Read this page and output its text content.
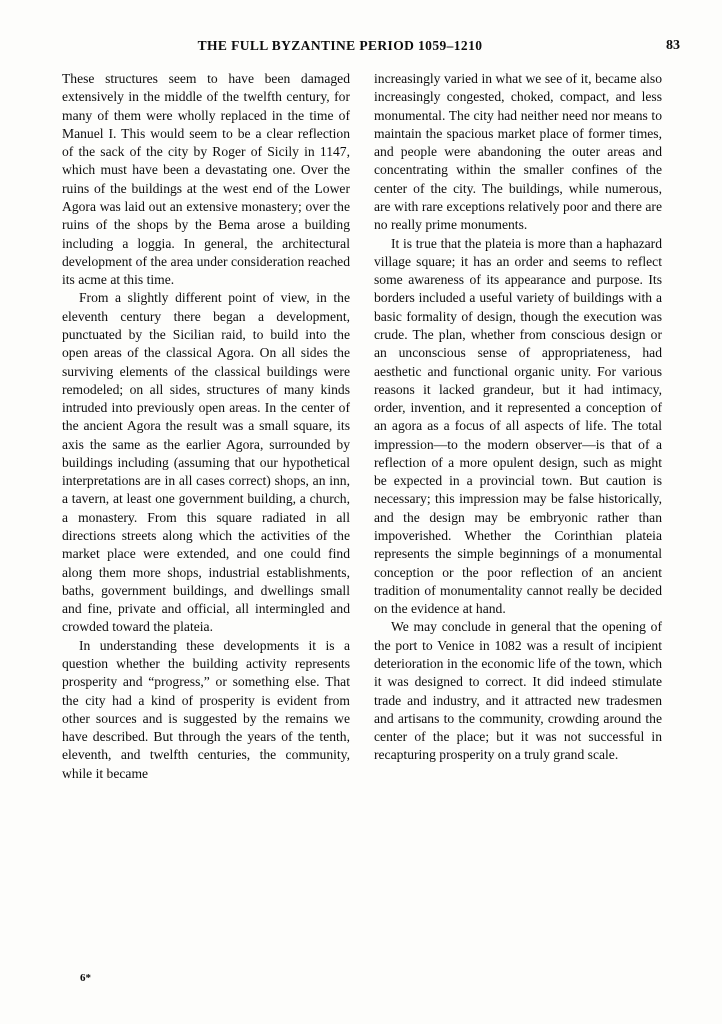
THE FULL BYZANTINE PERIOD 1059–1210	83

These structures seem to have been damaged extensively in the middle of the twelfth century, for many of them were wholly replaced in the time of Manuel I. This would seem to be a clear reflection of the sack of the city by Roger of Sicily in 1147, which must have been a devastating one. Over the ruins of the buildings at the west end of the Lower Agora was laid out an extensive monastery; over the ruins of the shops by the Bema arose a building including a loggia. In general, the architectural development of the area under consideration reached its acme at this time.

From a slightly different point of view, in the eleventh century there began a development, punctuated by the Sicilian raid, to build into the open areas of the classical Agora. On all sides the surviving elements of the classical buildings were remodeled; on all sides, structures of many kinds intruded into previously open areas. In the center of the ancient Agora the result was a small square, its axis the same as the earlier Agora, surrounded by buildings including (assuming that our hypothetical interpretations are in all cases correct) shops, an inn, a tavern, at least one government building, a church, a monastery. From this square radiated in all directions streets along which the activities of the market place were extended, and one could find along them more shops, industrial establishments, baths, government buildings, and dwellings small and fine, private and official, all intermingled and crowded toward the plateia.

In understanding these developments it is a question whether the building activity represents prosperity and “progress,” or something else. That the city had a kind of prosperity is evident from other sources and is suggested by the remains we have described. But through the years of the tenth, eleventh, and twelfth centuries, the community, while it became

increasingly varied in what we see of it, became also increasingly congested, choked, compact, and less monumental. The city had neither need nor means to maintain the spacious market place of former times, and people were abandoning the outer areas and concentrating within the smaller confines of the center of the city. The buildings, while numerous, are with rare exceptions relatively poor and there are no really prime monuments.

It is true that the plateia is more than a haphazard village square; it has an order and seems to reflect some awareness of its appearance and purpose. Its borders included a useful variety of buildings with a basic formality of design, though the execution was crude. The plan, whether from conscious design or an unconscious sense of appropriateness, had aesthetic and functional organic unity. For various reasons it lacked grandeur, but it had intimacy, order, invention, and it represented a conception of an agora as a focus of all aspects of life. The total impression—to the modern observer—is that of a reflection of a more opulent design, such as might be expected in a provincial town. But caution is necessary; this impression may be false historically, and the design may be embryonic rather than impoverished. Whether the Corinthian plateia represents the simple beginnings of a monumental conception or the poor reflection of an ancient tradition of monumentality cannot really be decided on the evidence at hand.

We may conclude in general that the opening of the port to Venice in 1082 was a result of incipient deterioration in the economic life of the town, which it was designed to correct. It did indeed stimulate trade and industry, and it attracted new tradesmen and artisans to the community, crowding around the center of the place; but it was not successful in recapturing prosperity on a truly grand scale.

6*
